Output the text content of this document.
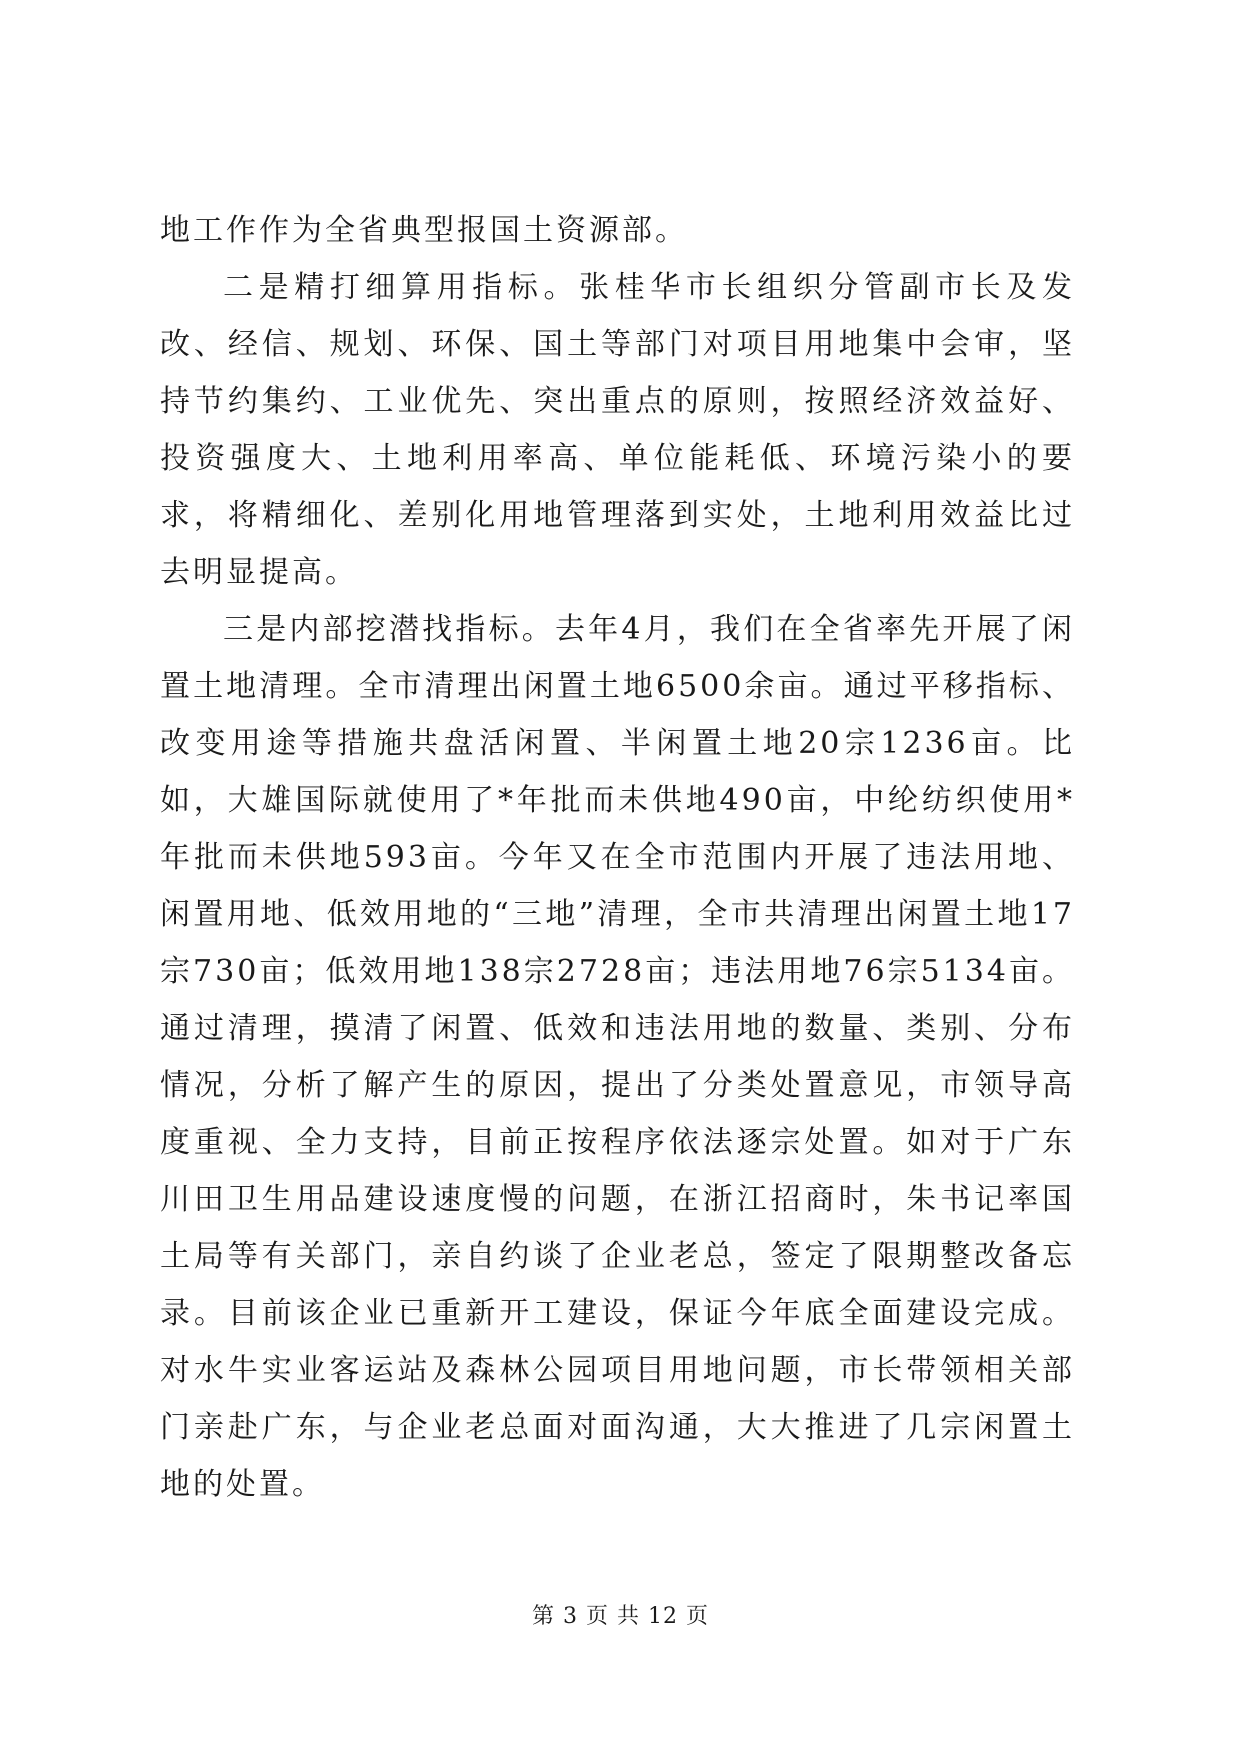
地工作作为全省典型报国土资源部。

二是精打细算用指标。张桂华市长组织分管副市长及发改、经信、规划、环保、国土等部门对项目用地集中会审，坚持节约集约、工业优先、突出重点的原则，按照经济效益好、投资强度大、土地利用率高、单位能耗低、环境污染小的要求，将精细化、差别化用地管理落到实处，土地利用效益比过去明显提高。

三是内部挖潜找指标。去年4月，我们在全省率先开展了闲置土地清理。全市清理出闲置土地6500余亩。通过平移指标、改变用途等措施共盘活闲置、半闲置土地20宗1236亩。比如，大雄国际就使用了*年批而未供地490亩，中纶纺织使用*年批而未供地593亩。今年又在全市范围内开展了违法用地、闲置用地、低效用地的“三地”清理，全市共清理出闲置土地17宗730亩；低效用地138宗2728亩；违法用地76宗5134亩。通过清理，摸清了闲置、低效和违法用地的数量、类别、分布情况，分析了解产生的原因，提出了分类处置意见，市领导高度重视、全力支持，目前正按程序依法逐宗处置。如对于广东川田卫生用品建设速度慢的问题，在浙江招商时，朱书记率国土局等有关部门，亲自约谈了企业老总，签定了限期整改备忘录。目前该企业已重新开工建设，保证今年底全面建设完成。对水牛实业客运站及森林公园项目用地问题，市长带领相关部门亲赴广东，与企业老总面对面沟通，大大推进了几宗闲置土地的处置。

第 3 页 共 12 页
